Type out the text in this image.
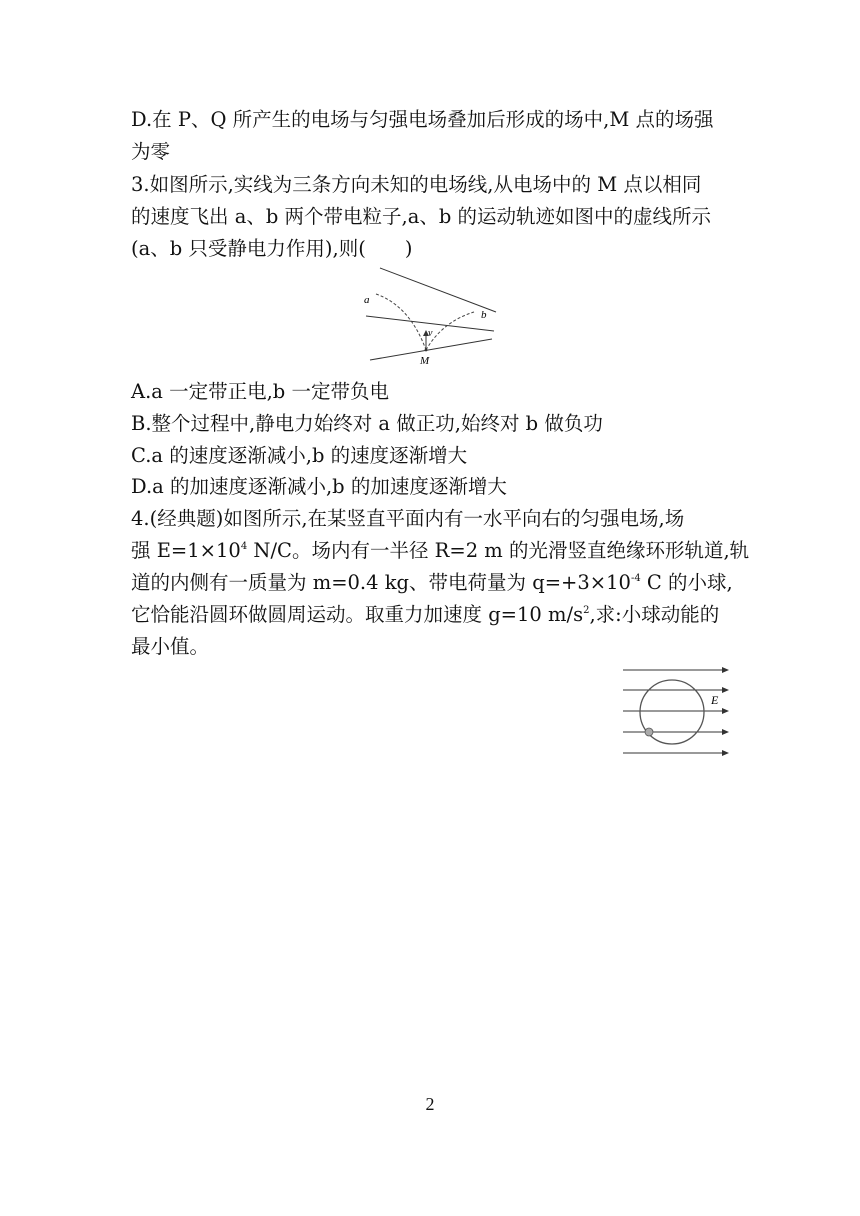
D.在 P、Q 所产生的电场与匀强电场叠加后形成的场中,M 点的场强
为零
3.如图所示,实线为三条方向未知的电场线,从电场中的 M 点以相同
的速度飞出 a、b 两个带电粒子,a、b 的运动轨迹如图中的虚线所示
(a、b 只受静电力作用),则(　　)
a
b
v
M
A.a 一定带正电,b 一定带负电
B.整个过程中,静电力始终对 a 做正功,始终对 b 做负功
C.a 的速度逐渐减小,b 的速度逐渐增大
D.a 的加速度逐渐减小,b 的加速度逐渐增大
4.(经典题)如图所示,在某竖直平面内有一水平向右的匀强电场,场
强 $E=1\times 10^4$ N/C。场内有一半径 R=2 m 的光滑竖直绝缘环形轨道,轨
道的内侧有一质量为 m=0.4 kg、带电荷量为 $q=+3\times 10^{-4}$ C 的小球,
它恰能沿圆环做圆周运动。取重力加速度 g=10 $m/s^2$,求:小球动能的
最小值。
E
2
